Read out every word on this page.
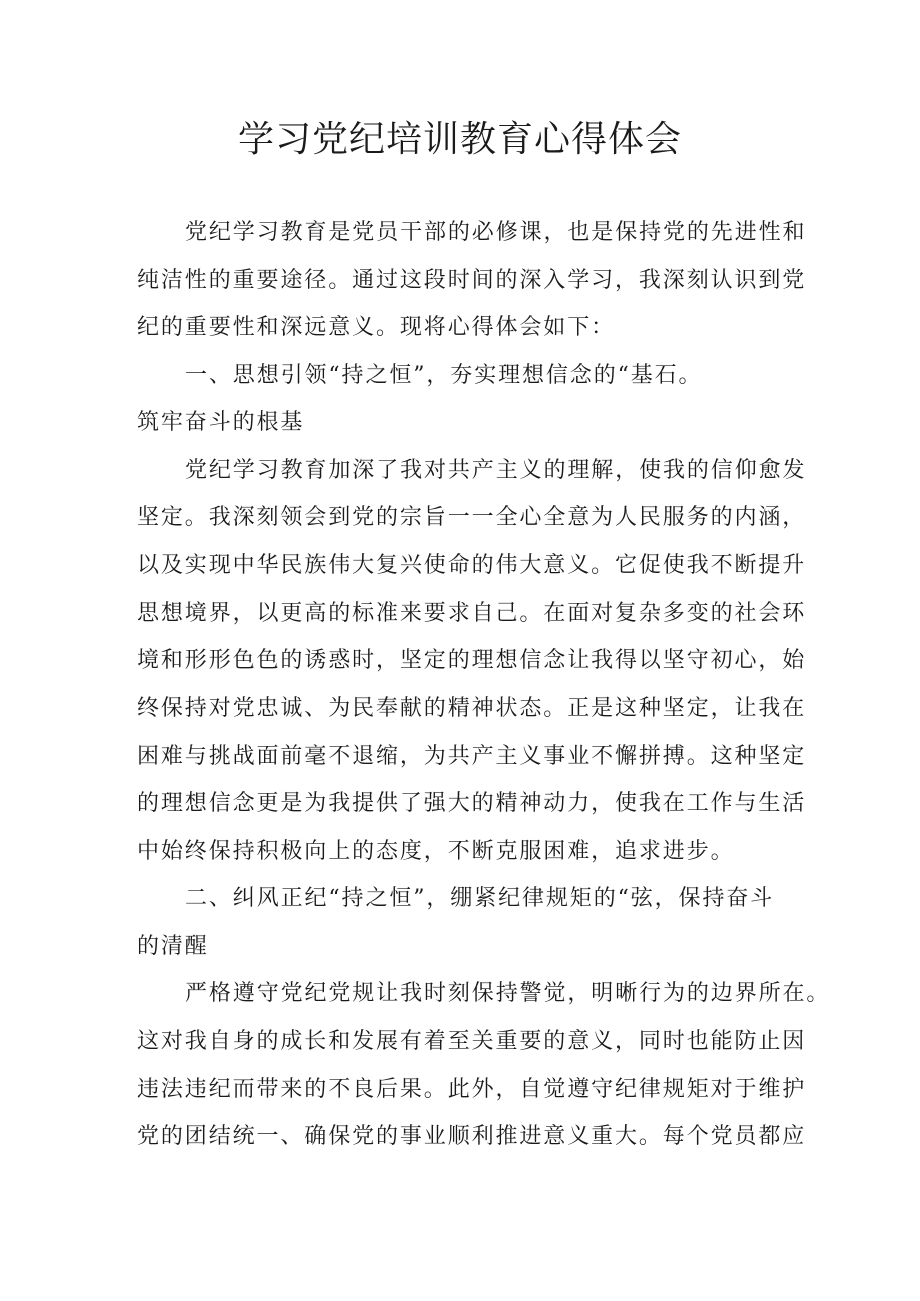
学习党纪培训教育心得体会

党纪学习教育是党员干部的必修课，也是保持党的先进性和

纯洁性的重要途径。通过这段时间的深入学习，我深刻认识到党

纪的重要性和深远意义。现将心得体会如下：

一、思想引领“持之恒”，夯实理想信念的“基石。

筑牢奋斗的根基

党纪学习教育加深了我对共产主义的理解，使我的信仰愈发

坚定。我深刻领会到党的宗旨一一全心全意为人民服务的内涵，

以及实现中华民族伟大复兴使命的伟大意义。它促使我不断提升

思想境界，以更高的标准来要求自己。在面对复杂多变的社会环

境和形形色色的诱惑时，坚定的理想信念让我得以坚守初心，始

终保持对党忠诚、为民奉献的精神状态。正是这种坚定，让我在

困难与挑战面前毫不退缩，为共产主义事业不懈拼搏。这种坚定

的理想信念更是为我提供了强大的精神动力，使我在工作与生活

中始终保持积极向上的态度，不断克服困难，追求进步。

二、纠风正纪“持之恒”，绷紧纪律规矩的“弦，保持奋斗

的清醒

严格遵守党纪党规让我时刻保持警觉，明晰行为的边界所在。

这对我自身的成长和发展有着至关重要的意义，同时也能防止因

违法违纪而带来的不良后果。此外，自觉遵守纪律规矩对于维护

党的团结统一、确保党的事业顺利推进意义重大。每个党员都应
